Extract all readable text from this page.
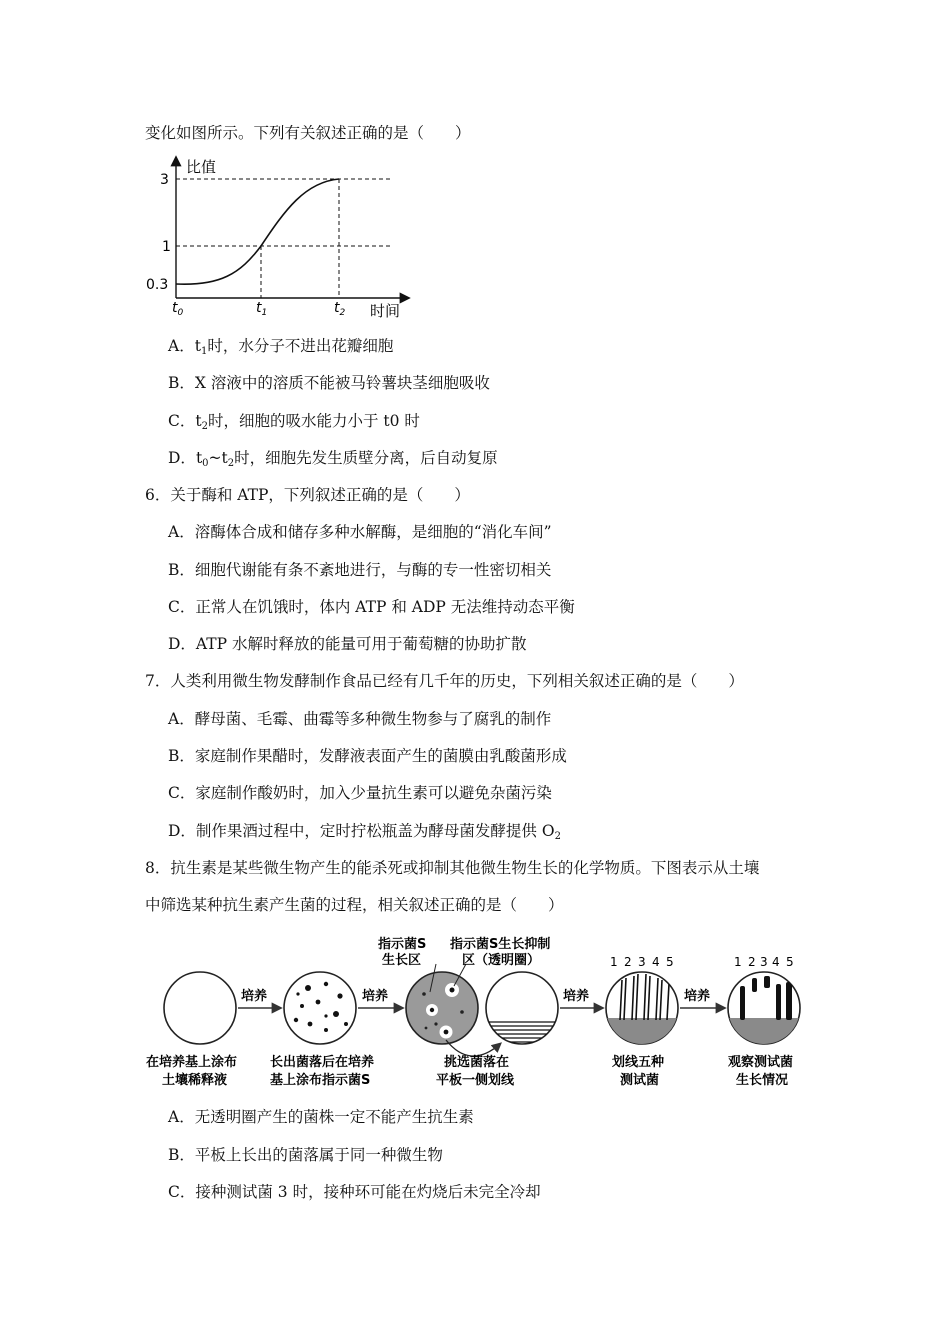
变化如图所示。下列有关叙述正确的是（　　）
比值
时间
3
1
0.3
$t_0$	$t_1$	$t_2$
A．$t_1$时，水分子不进出花瓣细胞
B．X 溶液中的溶质不能被马铃薯块茎细胞吸收
C．$t_2$时，细胞的吸水能力小于 t0 时
D．$t_0\sim t_2$时，细胞先发生质壁分离，后自动复原
6．关于酶和 ATP，下列叙述正确的是（　　）
A．溶酶体合成和储存多种水解酶，是细胞的“消化车间”
B．细胞代谢能有条不紊地进行，与酶的专一性密切相关
C．正常人在饥饿时，体内 ATP 和 ADP 无法维持动态平衡
D．ATP 水解时释放的能量可用于葡萄糖的协助扩散
7．人类利用微生物发酵制作食品已经有几千年的历史，下列相关叙述正确的是（　　）
A．酵母菌、毛霉、曲霉等多种微生物参与了腐乳的制作
B．家庭制作果醋时，发酵液表面产生的菌膜由乳酸菌形成
C．家庭制作酸奶时，加入少量抗生素可以避免杂菌污染
D．制作果酒过程中，定时拧松瓶盖为酵母菌发酵提供 $O_2$
8．抗生素是某些微生物产生的能杀死或抑制其他微生物生长的化学物质。下图表示从土壤
中筛选某种抗生素产生菌的过程，相关叙述正确的是（　　）
培养	培养
指示菌S
生长区
指示菌S生长抑制
区（透明圈）
培养
1 2 3 4 5
培养
1 2 3 4 5
在培养基上涂布
土壤稀释液
长出菌落后在培养
基上涂布指示菌S
挑选菌落在
平板一侧划线
划线五种
测试菌
观察测试菌
生长情况
A．无透明圈产生的菌株一定不能产生抗生素
B．平板上长出的菌落属于同一种微生物
C．接种测试菌 3 时，接种环可能在灼烧后未完全冷却
